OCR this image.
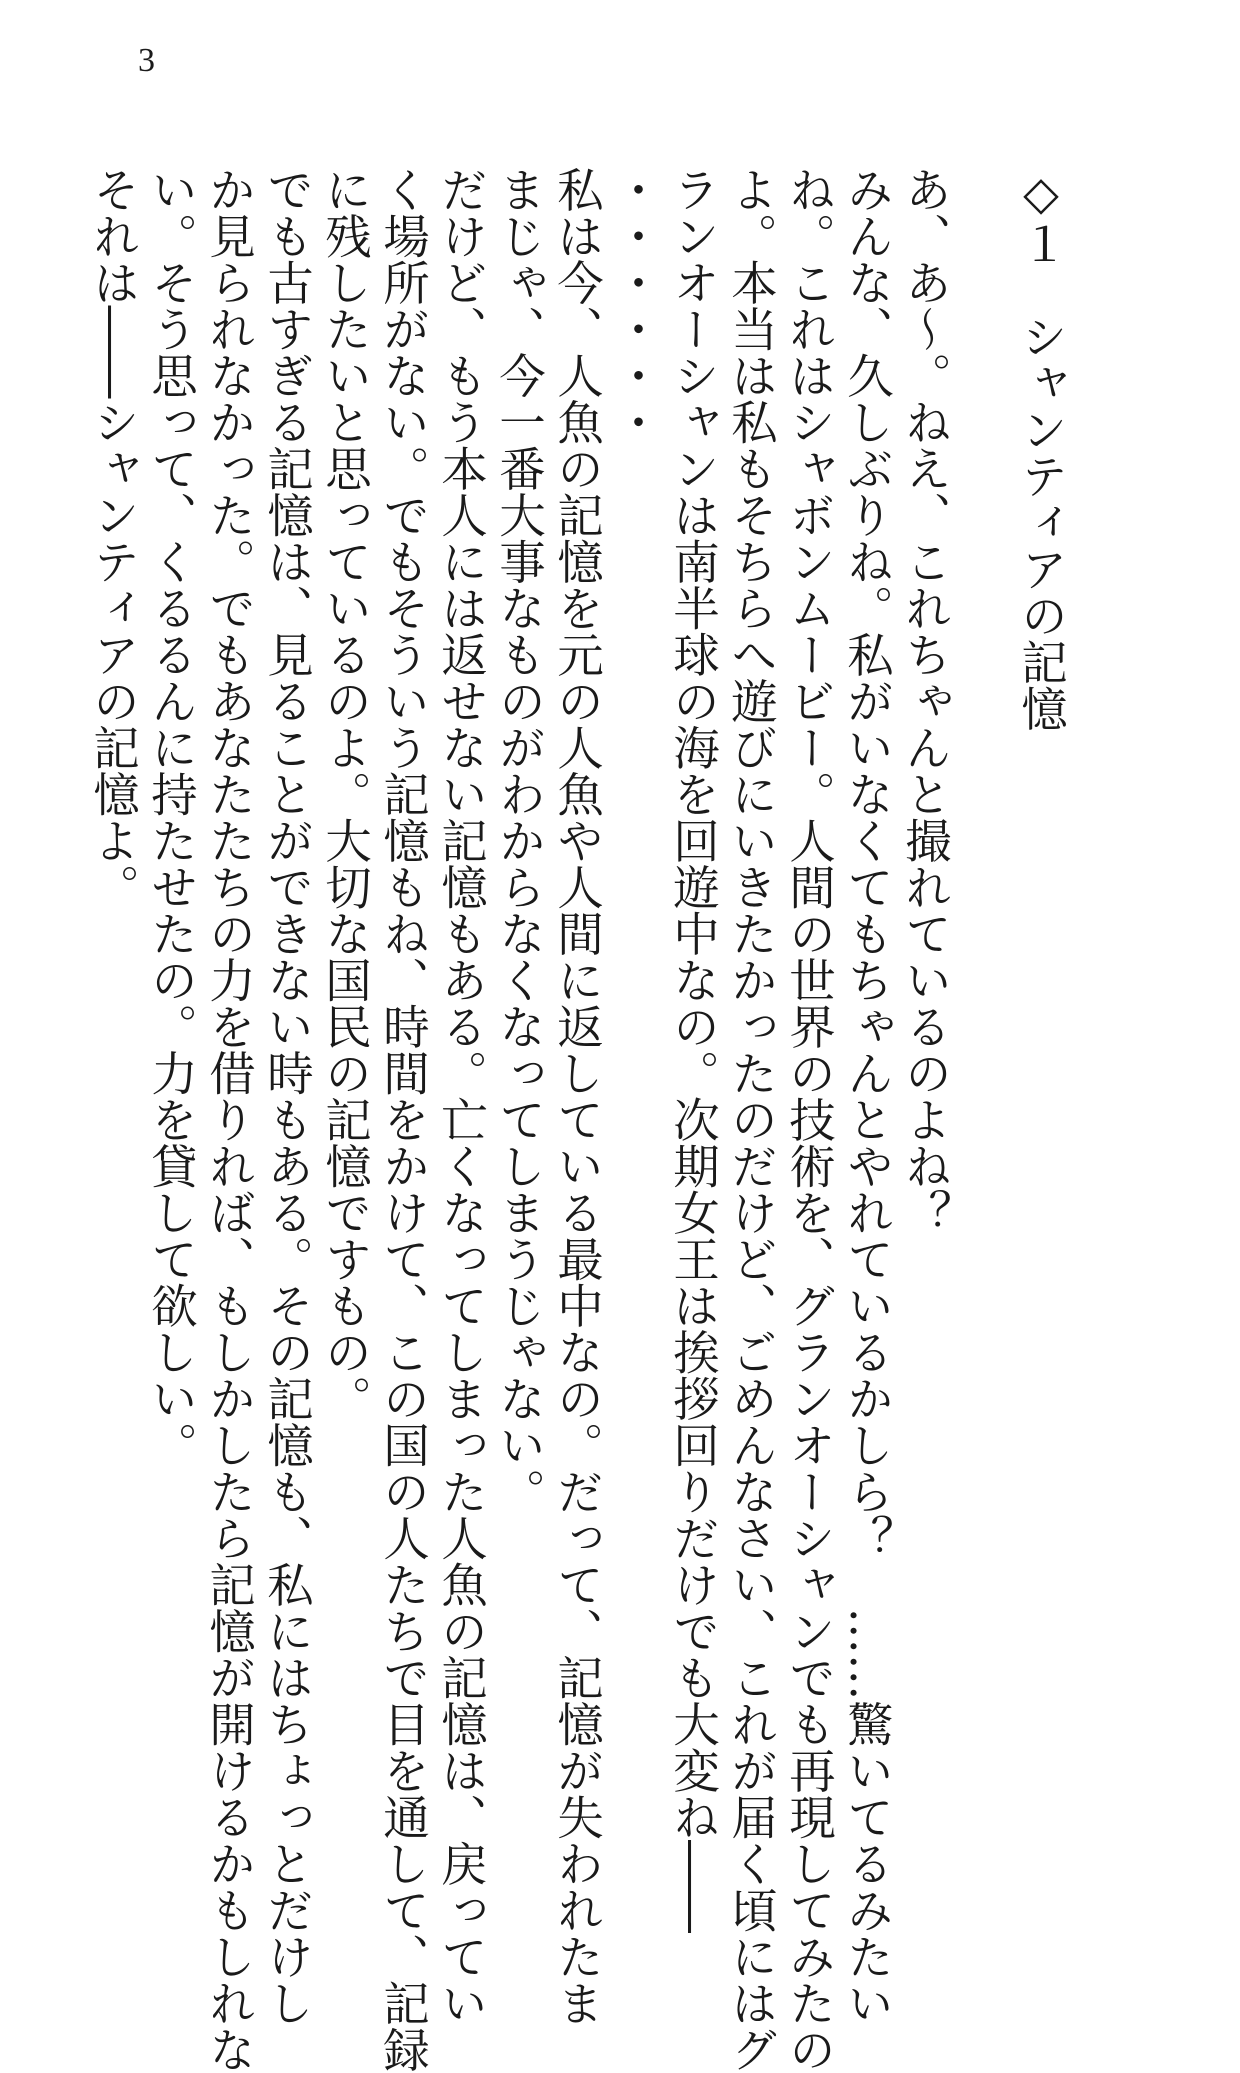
3
◇１　シャンティアの記憶
あ、あ〜。ねえ、これちゃんと撮れているのよね？
みんな、久しぶりね。私がいなくてもちゃんとやれているかしら？　……驚いてるみたい
ね。これはシャボンムービー。人間の世界の技術を、グランオーシャンでも再現してみたの
よ。本当は私もそちらへ遊びにいきたかったのだけど、ごめんなさい、これが届く頃にはグ
ランオーシャンは南半球の海を回遊中なの。次期女王は挨拶回りだけでも大変ね――
・・・・・・
私は今、人魚の記憶を元の人魚や人間に返している最中なの。だって、記憶が失われたま
まじゃ、今一番大事なものがわからなくなってしまうじゃない。
だけど、もう本人には返せない記憶もある。亡くなってしまった人魚の記憶は、戻ってい
く場所がない。でもそういう記憶もね、時間をかけて、この国の人たちで目を通して、記録
に残したいと思っているのよ。大切な国民の記憶ですもの。
でも古すぎる記憶は、見ることができない時もある。その記憶も、私にはちょっとだけし
か見られなかった。でもあなたたちの力を借りれば、もしかしたら記憶が開けるかもしれな
い。そう思って、くるるんに持たせたの。力を貸して欲しい。
それは――シャンティアの記憶よ。
